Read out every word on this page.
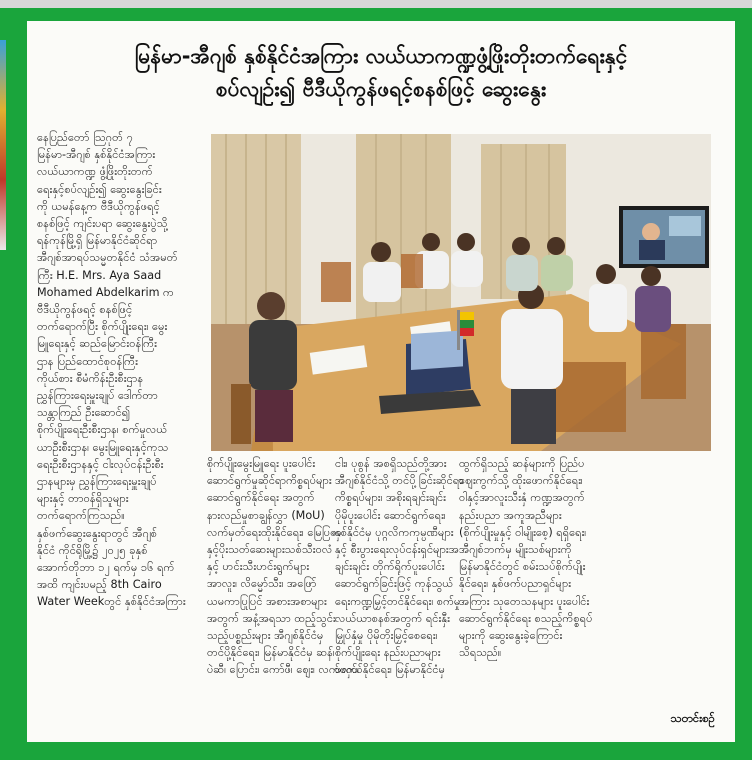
မြန်မာ-အီဂျစ် နှစ်နိုင်ငံအကြား လယ်ယာကဏ္ဍဖွံ့ဖြိုးတိုးတက်ရေးနှင့်
စပ်လျဉ်း၍ ဗီဒီယိုကွန်ဖရင့်စနစ်ဖြင့် ဆွေးနွေး

နေပြည်တော် ဩဂုတ် ၇

မြန်မာ-အီဂျစ် နှစ်နိုင်ငံအကြား

လယ်ယာကဏ္ဍ ဖွံ့ဖြိုးတိုးတက်

ရေးနှင့်စပ်လျဉ်း၍ ဆွေးနွေးခြင်း

ကို ယမန်နေ့က ဗီဒီယိုကွန်ဖရင့်

စနစ်ဖြင့် ကျင်းပရာ ဆွေးနွေးပွဲသို့

ရန်ကုန်မြို့ရှိ မြန်မာနိုင်ငံဆိုင်ရာ

အီဂျစ်အာရပ်သမ္မတနိုင်ငံ သံအမတ်

ကြီး H.E. Mrs. Aya Saad

Mohamed Abdelkarim က

ဗီဒီယိုကွန်ဖရင့် စနစ်ဖြင့်

တက်ရောက်ပြီး စိုက်ပျိုးရေး၊ မွေး

မြူရေးနှင့် ဆည်မြောင်းဝန်ကြီး

ဌာန ပြည်ထောင်စုဝန်ကြီး

ကိုယ်စား စီမံကိန်းဦးစီးဌာန

ညွှန်ကြားရေးမှူးချုပ် ဒေါက်တာ

သန္တာကြည် ဦးဆောင်၍

စိုက်ပျိုးရေးဦးစီးဌာန၊ စက်မှုလယ်

ယာဦးစီးဌာန၊ မွေးမြူရေးနှင့်ကုသ

ရေးဦးစီးဌာနနှင့် ငါးလုပ်ငန်းဦးစီး

ဌာနများမှ ညွှန်ကြားရေးမှူးချုပ်

များနှင့် တာဝန်ရှိသူများ

တက်ရောက်ကြသည်။

နှစ်ဖက်ဆွေးနွေးရာတွင် အီဂျစ်

နိုင်ငံ ကိုင်ရိုမြို့၌ ၂၀၂၅ ခုနှစ်

အောက်တိုဘာ ၁၂ ရက်မှ ၁၆ ရက်

အထိ ကျင်းပမည့် 8th Cairo

Water Weekတွင် နှစ်နိုင်ငံအကြား

စိုက်ပျိုးမွေးမြူရေး ပူးပေါင်း

ဆောင်ရွက်မှုဆိုင်ရာကိစ္စရပ်များ

ဆောင်ရွက်နိုင်ရေး အတွက်

နားလည်မှုစာချွန်လွှာ (MoU)

လက်မှတ်ရေးထိုးနိုင်ရေး၊ မြေပြဇာ

နှင့်ပိုးသတ်ဆေးများသစ်သီးဝလံ

နှင့် ဟင်းသီးဟင်းရွက်များ

အာလူး၊ လိမ္မော်သီး၊ အဖြော်

ယမကာပြုပြင် အစားအစာများ

အတွက် အနံ့အရသာ ထည့်သွင်း

သည့်ပစ္စည်းများ အီဂျစ်နိုင်ငံမှ

တင်ပို့နိုင်ရေး၊ မြန်မာနိုင်ငံမှ ဆန်၊

ပဲဆီ၊ ပြောင်း၊ ကော်ဖီ၊ ဈေး၊ လက်ဖက်၊

ငါး၊ ပုစွန် အစရှိသည်တို့အား

အီဂျစ်နိုင်ငံသို့ တင်ပို့ခြင်းဆိုင်ရာ

ကိစ္စရပ်များ၊ အစိုးရချင်းချင်း

ပိုမိုပူးပေါင်း ဆောင်ရွက်ရေး၊

နှစ်နိုင်ငံမှ ပုဂ္ဂလိကကုမ္ပဏီများ

နှင့် စီးပွားရေးလုပ်ငန်းရှင်များအ

ချင်းချင်း တိုက်ရိုက်ပူးပေါင်း

ဆောင်ရွက်ခြင်းဖြင့် ကုန်သွယ်

ရေးကဏ္ဍမြှင့်တင်နိုင်ရေး၊ စက်မှု

လယ်ယာစနစ်အတွက် ရင်းနှီး

မြှုပ်နှံမှု ပိုမိုတိုးမြှင့်စေရေး၊

စိုက်ပျိုးရေး နည်းပညာများ

ဖလှယ်နိုင်ရေး၊ မြန်မာနိုင်ငံမှ

ထွက်ရှိသည့် ဆန်များကို ပြည်ပ

ဈေးကွက်သို့ ထိုးဖောက်နိုင်ရေး၊

ဝါနှင့်အာလူးသီးနှံ ကဏ္ဍအတွက်

နည်းပညာ အကူအညီများ

(စိုက်ပျိုးမှုနှင့် ဝါမျိုးစေ့) ရရှိရေး၊

အီဂျစ်ဘက်မှ မျိုးသစ်များကို

မြန်မာနိုင်ငံတွင် စမ်းသပ်စိုက်ပျိုး

နိုင်ရေး၊ နှစ်ဖက်ပညာရှင်များ

အကြား သုတေသနများ ပူးပေါင်း

ဆောင်ရွက်နိုင်ရေး စသည့်ကိစ္စရပ်

များကို ဆွေးနွေးခဲ့ကြောင်း

သိရသည်။

သတင်းစဉ်
